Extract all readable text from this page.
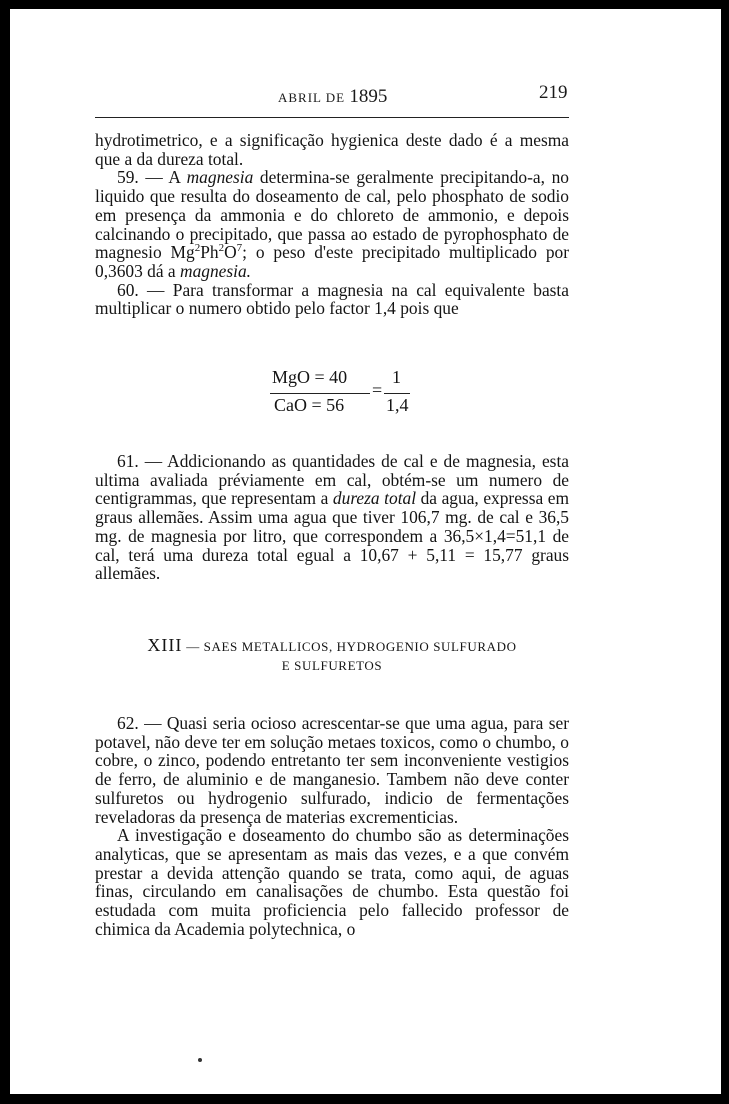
ABRIL DE 1895	219

hydrotimetrico, e a significação hygienica deste dado é a mesma que a da dureza total.

59. — A magnesia determina-se geralmente precipitando-a, no liquido que resulta do doseamento de cal, pelo phosphato de sodio em presença da ammonia e do chloreto de ammonio, e depois calcinando o precipitado, que passa ao estado de pyrophosphato de magnesio $Mg^2Ph^2O^7$; o peso d'este precipitado multiplicado por 0,3603 dá a magnesia.

60. — Para transformar a magnesia na cal equivalente basta multiplicar o numero obtido pelo factor 1,4 pois que

MgO = 40
CaO = 56
=
1
1,4

61. — Addicionando as quantidades de cal e de magnesia, esta ultima avaliada préviamente em cal, obtém-se um numero de centigrammas, que representam a dureza total da agua, expressa em graus allemães. Assim uma agua que tiver 106,7 mg. de cal e 36,5 mg. de magnesia por litro, que correspondem a 36,5×1,4=51,1 de cal, terá uma dureza total egual a 10,67 + 5,11 = 15,77 graus allemães.

XIII — SAES METALLICOS, HYDROGENIO SULFURADO
E SULFURETOS

62. — Quasi seria ocioso acrescentar-se que uma agua, para ser potavel, não deve ter em solução metaes toxicos, como o chumbo, o cobre, o zinco, podendo entretanto ter sem inconveniente vestigios de ferro, de aluminio e de manganesio. Tambem não deve conter sulfuretos ou hydrogenio sulfurado, indicio de fermentações reveladoras da presença de materias excrementicias.

A investigação e doseamento do chumbo são as determinações analyticas, que se apresentam as mais das vezes, e a que convém prestar a devida attenção quando se trata, como aqui, de aguas finas, circulando em canalisações de chumbo. Esta questão foi estudada com muita proficiencia pelo fallecido professor de chimica da Academia polytechnica, o
